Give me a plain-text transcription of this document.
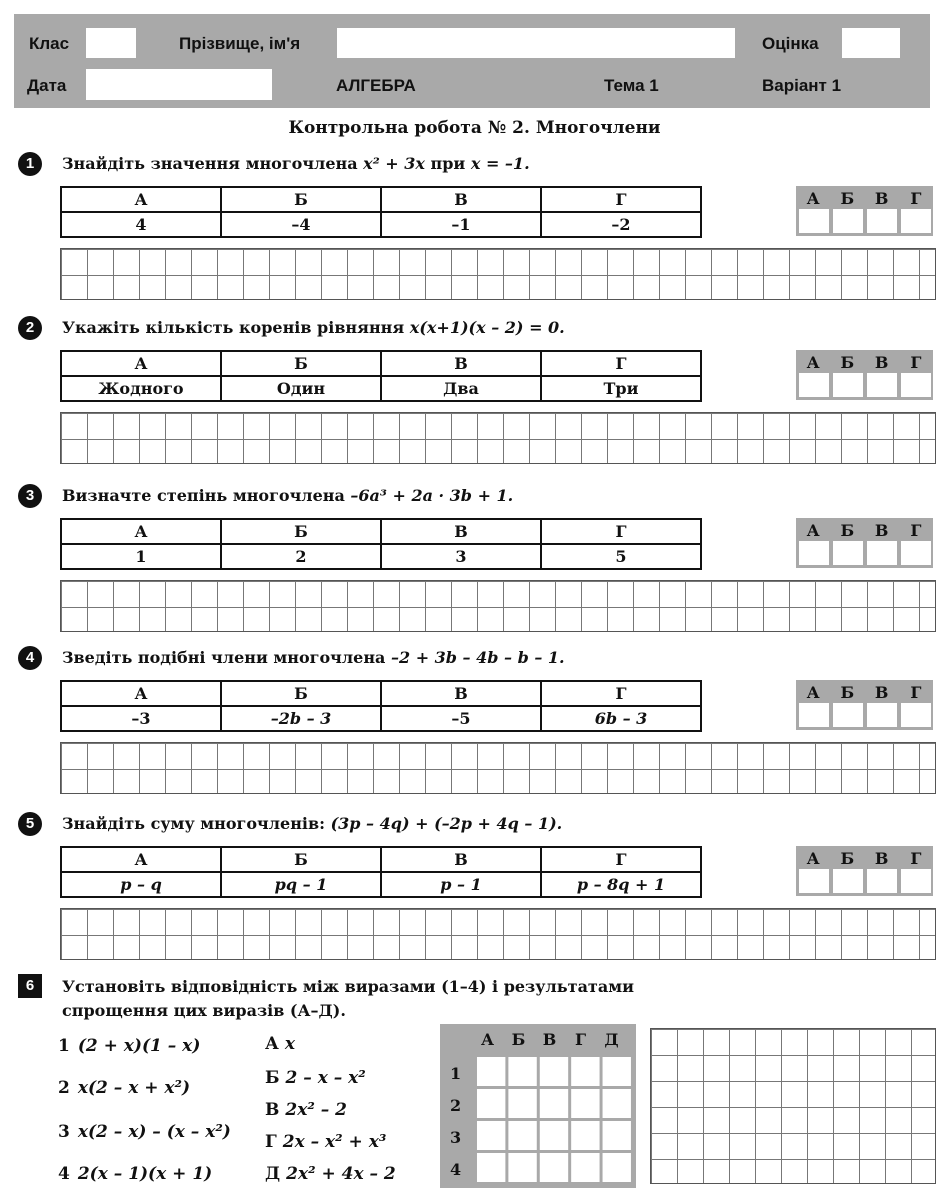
Клас	Прізвище, ім'я	Оцінка
Дата	АЛГЕБРА	Тема 1	Варіант 1
Контрольна робота № 2. Многочлени
1	Знайдіть значення многочлена x² + 3x при x = –1.
А	Б	В	Г
4	–4	–1	–2
А	Б	В	Г
2	Укажіть кількість коренів рівняння x(x+1)(x – 2) = 0.
А	Б	В	Г
Жодного	Один	Два	Три
А	Б	В	Г
3	Визначте степінь многочлена –6a³ + 2a · 3b + 1.
А	Б	В	Г
1	2	3	5
А	Б	В	Г
4	Зведіть подібні члени многочлена –2 + 3b – 4b – b – 1.
А	Б	В	Г
–3	–2b – 3	–5	6b – 3
А	Б	В	Г
5	Знайдіть суму многочленів: (3p – 4q) + (–2p + 4q – 1).
А	Б	В	Г
p – q	pq – 1	p – 1	p – 8q + 1
А	Б	В	Г
6	Установіть відповідність між виразами (1–4) і результатами
спрощення цих виразів (А–Д).
1 (2 + x)(1 – x)
2 x(2 – x + x²)
3 x(2 – x) – (x – x²)
4 2(x – 1)(x + 1)
А x
Б 2 – x – x²
В 2x² – 2
Г 2x – x² + x³
Д 2x² + 4x – 2
А	Б	В	Г	Д
1
2
3
4
